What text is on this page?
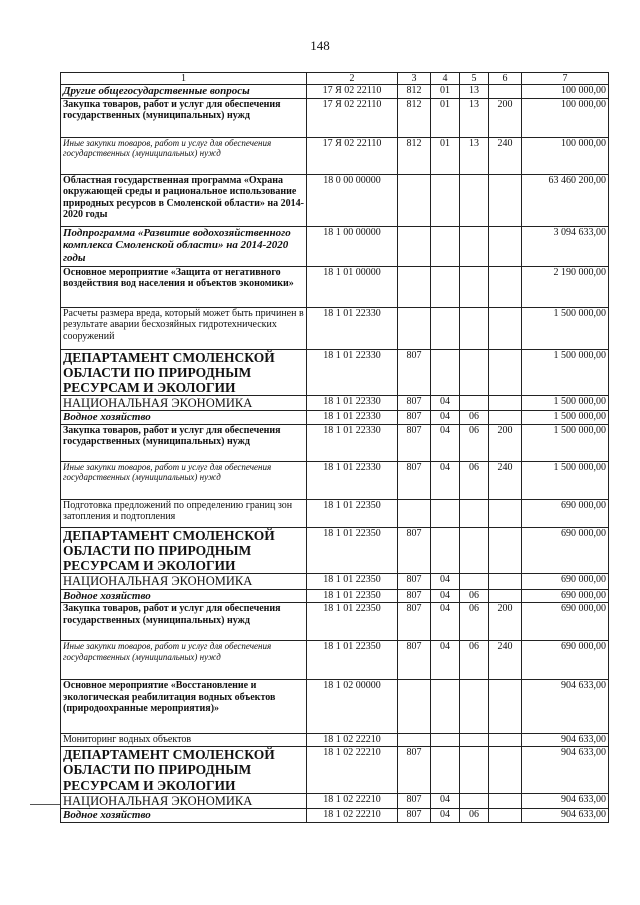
148
1	2	3	4	5	6	7
Другие общегосударственные вопросы	17 Я 02 22110	812	01	13		100 000,00
Закупка товаров, работ и услуг для обеспечения государственных (муниципальных) нужд	17 Я 02 22110	812	01	13	200	100 000,00
Иные закупки товаров, работ и услуг для обеспечения государственных (муниципальных) нужд	17 Я 02 22110	812	01	13	240	100 000,00
Областная государственная программа «Охрана окружающей среды и рациональное использование природных ресурсов в Смоленской области» на 2014-2020 годы	18 0 00 00000					63 460 200,00
Подпрограмма «Развитие водохозяйственного комплекса Смоленской области» на 2014-2020 годы	18 1 00 00000					3 094 633,00
Основное мероприятие «Защита от негативного воздействия вод населения и объектов экономики»	18 1 01 00000					2 190 000,00
Расчеты размера вреда, который может быть причинен в результате аварии бесхозяйных гидротехнических сооружений	18 1 01 22330					1 500 000,00
ДЕПАРТАМЕНТ СМОЛЕНСКОЙ ОБЛАСТИ ПО ПРИРОДНЫМ РЕСУРСАМ И ЭКОЛОГИИ	18 1 01 22330	807				1 500 000,00
НАЦИОНАЛЬНАЯ ЭКОНОМИКА	18 1 01 22330	807	04			1 500 000,00
Водное хозяйство	18 1 01 22330	807	04	06		1 500 000,00
Закупка товаров, работ и услуг для обеспечения государственных (муниципальных) нужд	18 1 01 22330	807	04	06	200	1 500 000,00
Иные закупки товаров, работ и услуг для обеспечения государственных (муниципальных) нужд	18 1 01 22330	807	04	06	240	1 500 000,00
Подготовка предложений по определению границ зон затопления и подтопления	18 1 01 22350					690 000,00
ДЕПАРТАМЕНТ СМОЛЕНСКОЙ ОБЛАСТИ ПО ПРИРОДНЫМ РЕСУРСАМ И ЭКОЛОГИИ	18 1 01 22350	807				690 000,00
НАЦИОНАЛЬНАЯ ЭКОНОМИКА	18 1 01 22350	807	04			690 000,00
Водное хозяйство	18 1 01 22350	807	04	06		690 000,00
Закупка товаров, работ и услуг для обеспечения государственных (муниципальных) нужд	18 1 01 22350	807	04	06	200	690 000,00
Иные закупки товаров, работ и услуг для обеспечения государственных (муниципальных) нужд	18 1 01 22350	807	04	06	240	690 000,00
Основное мероприятие «Восстановление и экологическая реабилитация водных объектов (природоохранные мероприятия)»	18 1 02 00000					904 633,00
Мониторинг водных объектов	18 1 02 22210					904 633,00
ДЕПАРТАМЕНТ СМОЛЕНСКОЙ ОБЛАСТИ ПО ПРИРОДНЫМ РЕСУРСАМ И ЭКОЛОГИИ	18 1 02 22210	807				904 633,00
НАЦИОНАЛЬНАЯ ЭКОНОМИКА	18 1 02 22210	807	04			904 633,00
Водное хозяйство	18 1 02 22210	807	04	06		904 633,00
